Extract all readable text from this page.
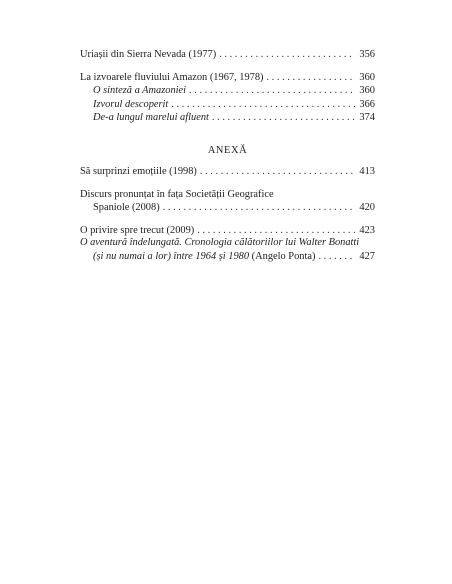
Uriașii din Sierra Nevada (1977) . . .	356
La izvoarele fluviului Amazon (1967, 1978) . . .	360
O sinteză a Amazoniei . . .	360
Izvorul descoperit . . .	366
De-a lungul marelui afluent . . .	374
ANEXĂ
Să surprinzi emoțiile (1998) . . .	413
Discurs pronunțat în fața Societății Geografice
Spaniole (2008) . . .	420
O privire spre trecut (2009) . . .	423
O aventură îndelungată. Cronologia călătoriilor lui Walter Bonatti
(și nu numai a lor) între 1964 și 1980 (Angelo Ponta) . . .	427
